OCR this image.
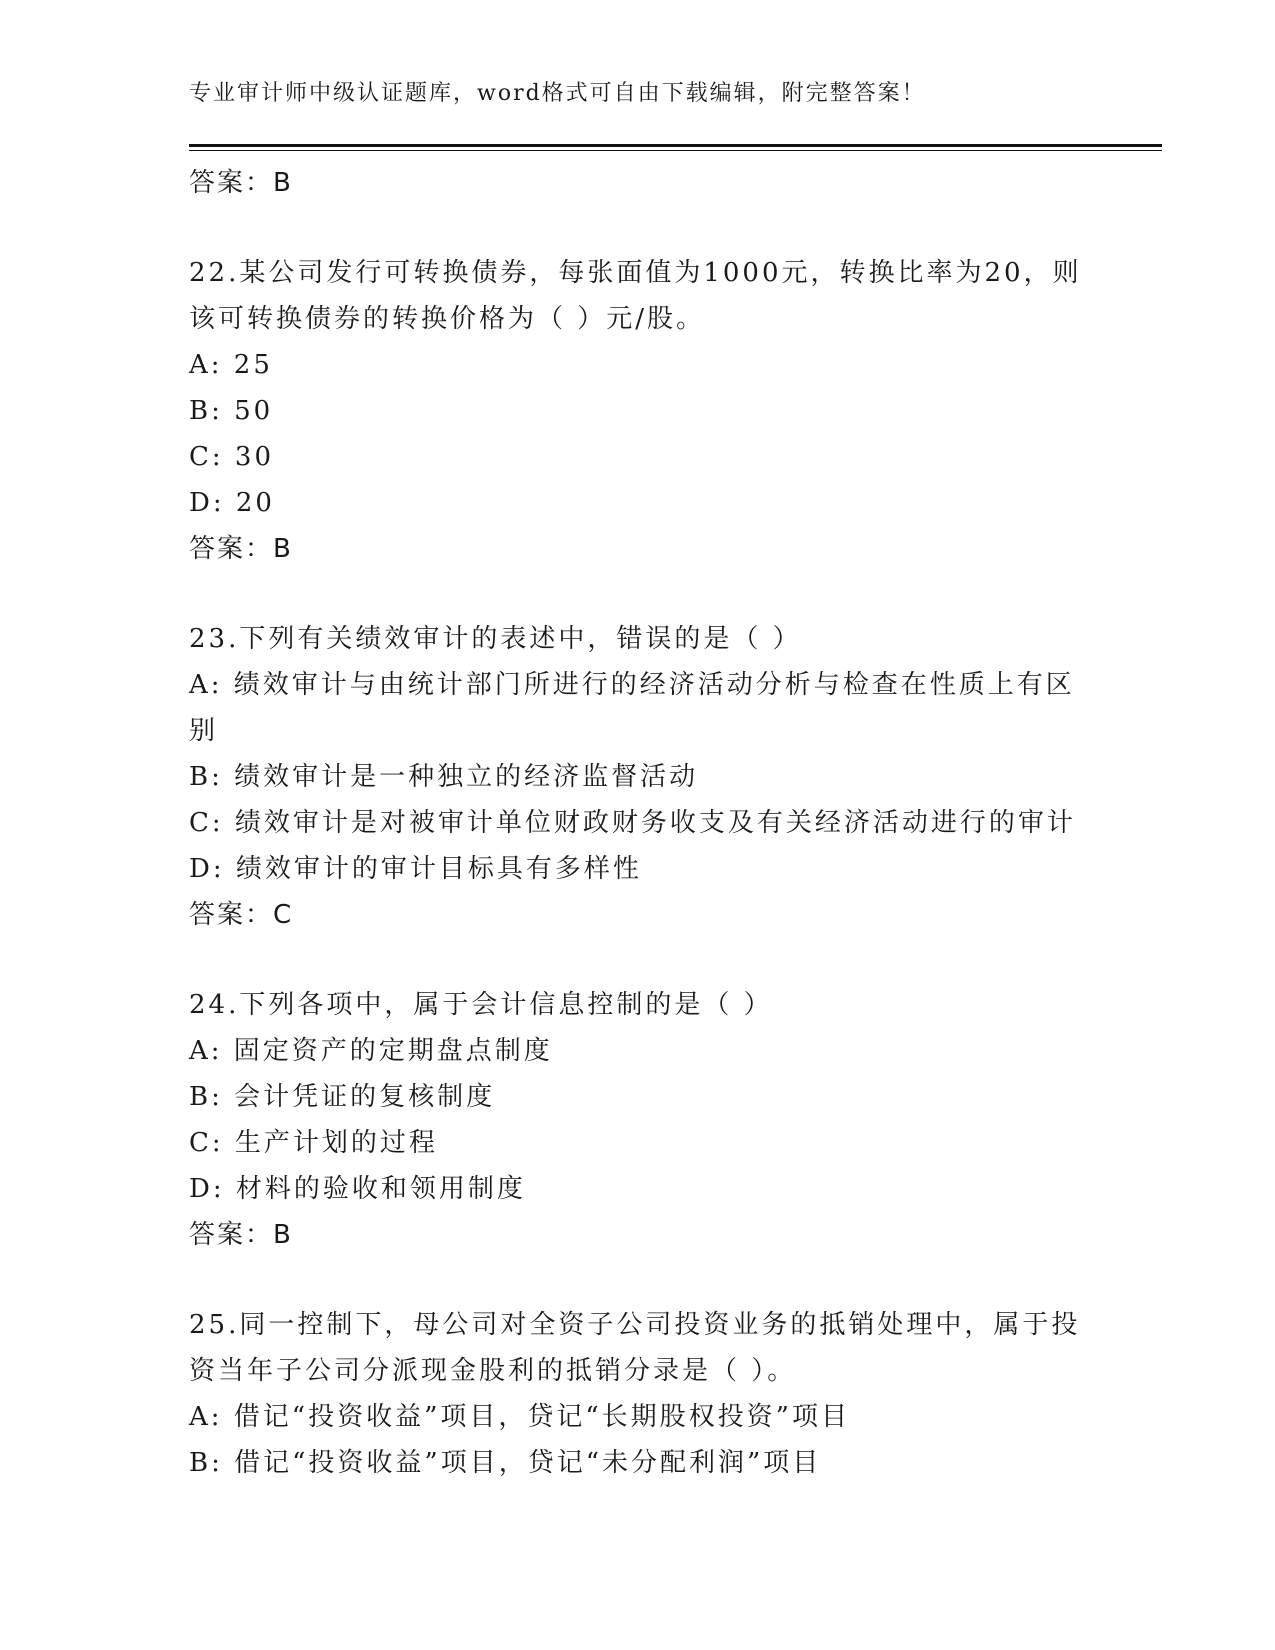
专业审计师中级认证题库，word格式可自由下载编辑，附完整答案！
答案：B
22.某公司发行可转换债券，每张面值为1000元，转换比率为20，则
该可转换债券的转换价格为（ ）元/股。
A: 25
B: 50
C: 30
D: 20
答案：B
23.下列有关绩效审计的表述中，错误的是（ ）
A: 绩效审计与由统计部门所进行的经济活动分析与检查在性质上有区
别
B: 绩效审计是一种独立的经济监督活动
C: 绩效审计是对被审计单位财政财务收支及有关经济活动进行的审计
D: 绩效审计的审计目标具有多样性
答案：C
24.下列各项中，属于会计信息控制的是（ ）
A: 固定资产的定期盘点制度
B: 会计凭证的复核制度
C: 生产计划的过程
D: 材料的验收和领用制度
答案：B
25.同一控制下，母公司对全资子公司投资业务的抵销处理中，属于投
资当年子公司分派现金股利的抵销分录是（ ）。
A: 借记“投资收益”项目，贷记“长期股权投资”项目
B: 借记“投资收益”项目，贷记“未分配利润”项目
